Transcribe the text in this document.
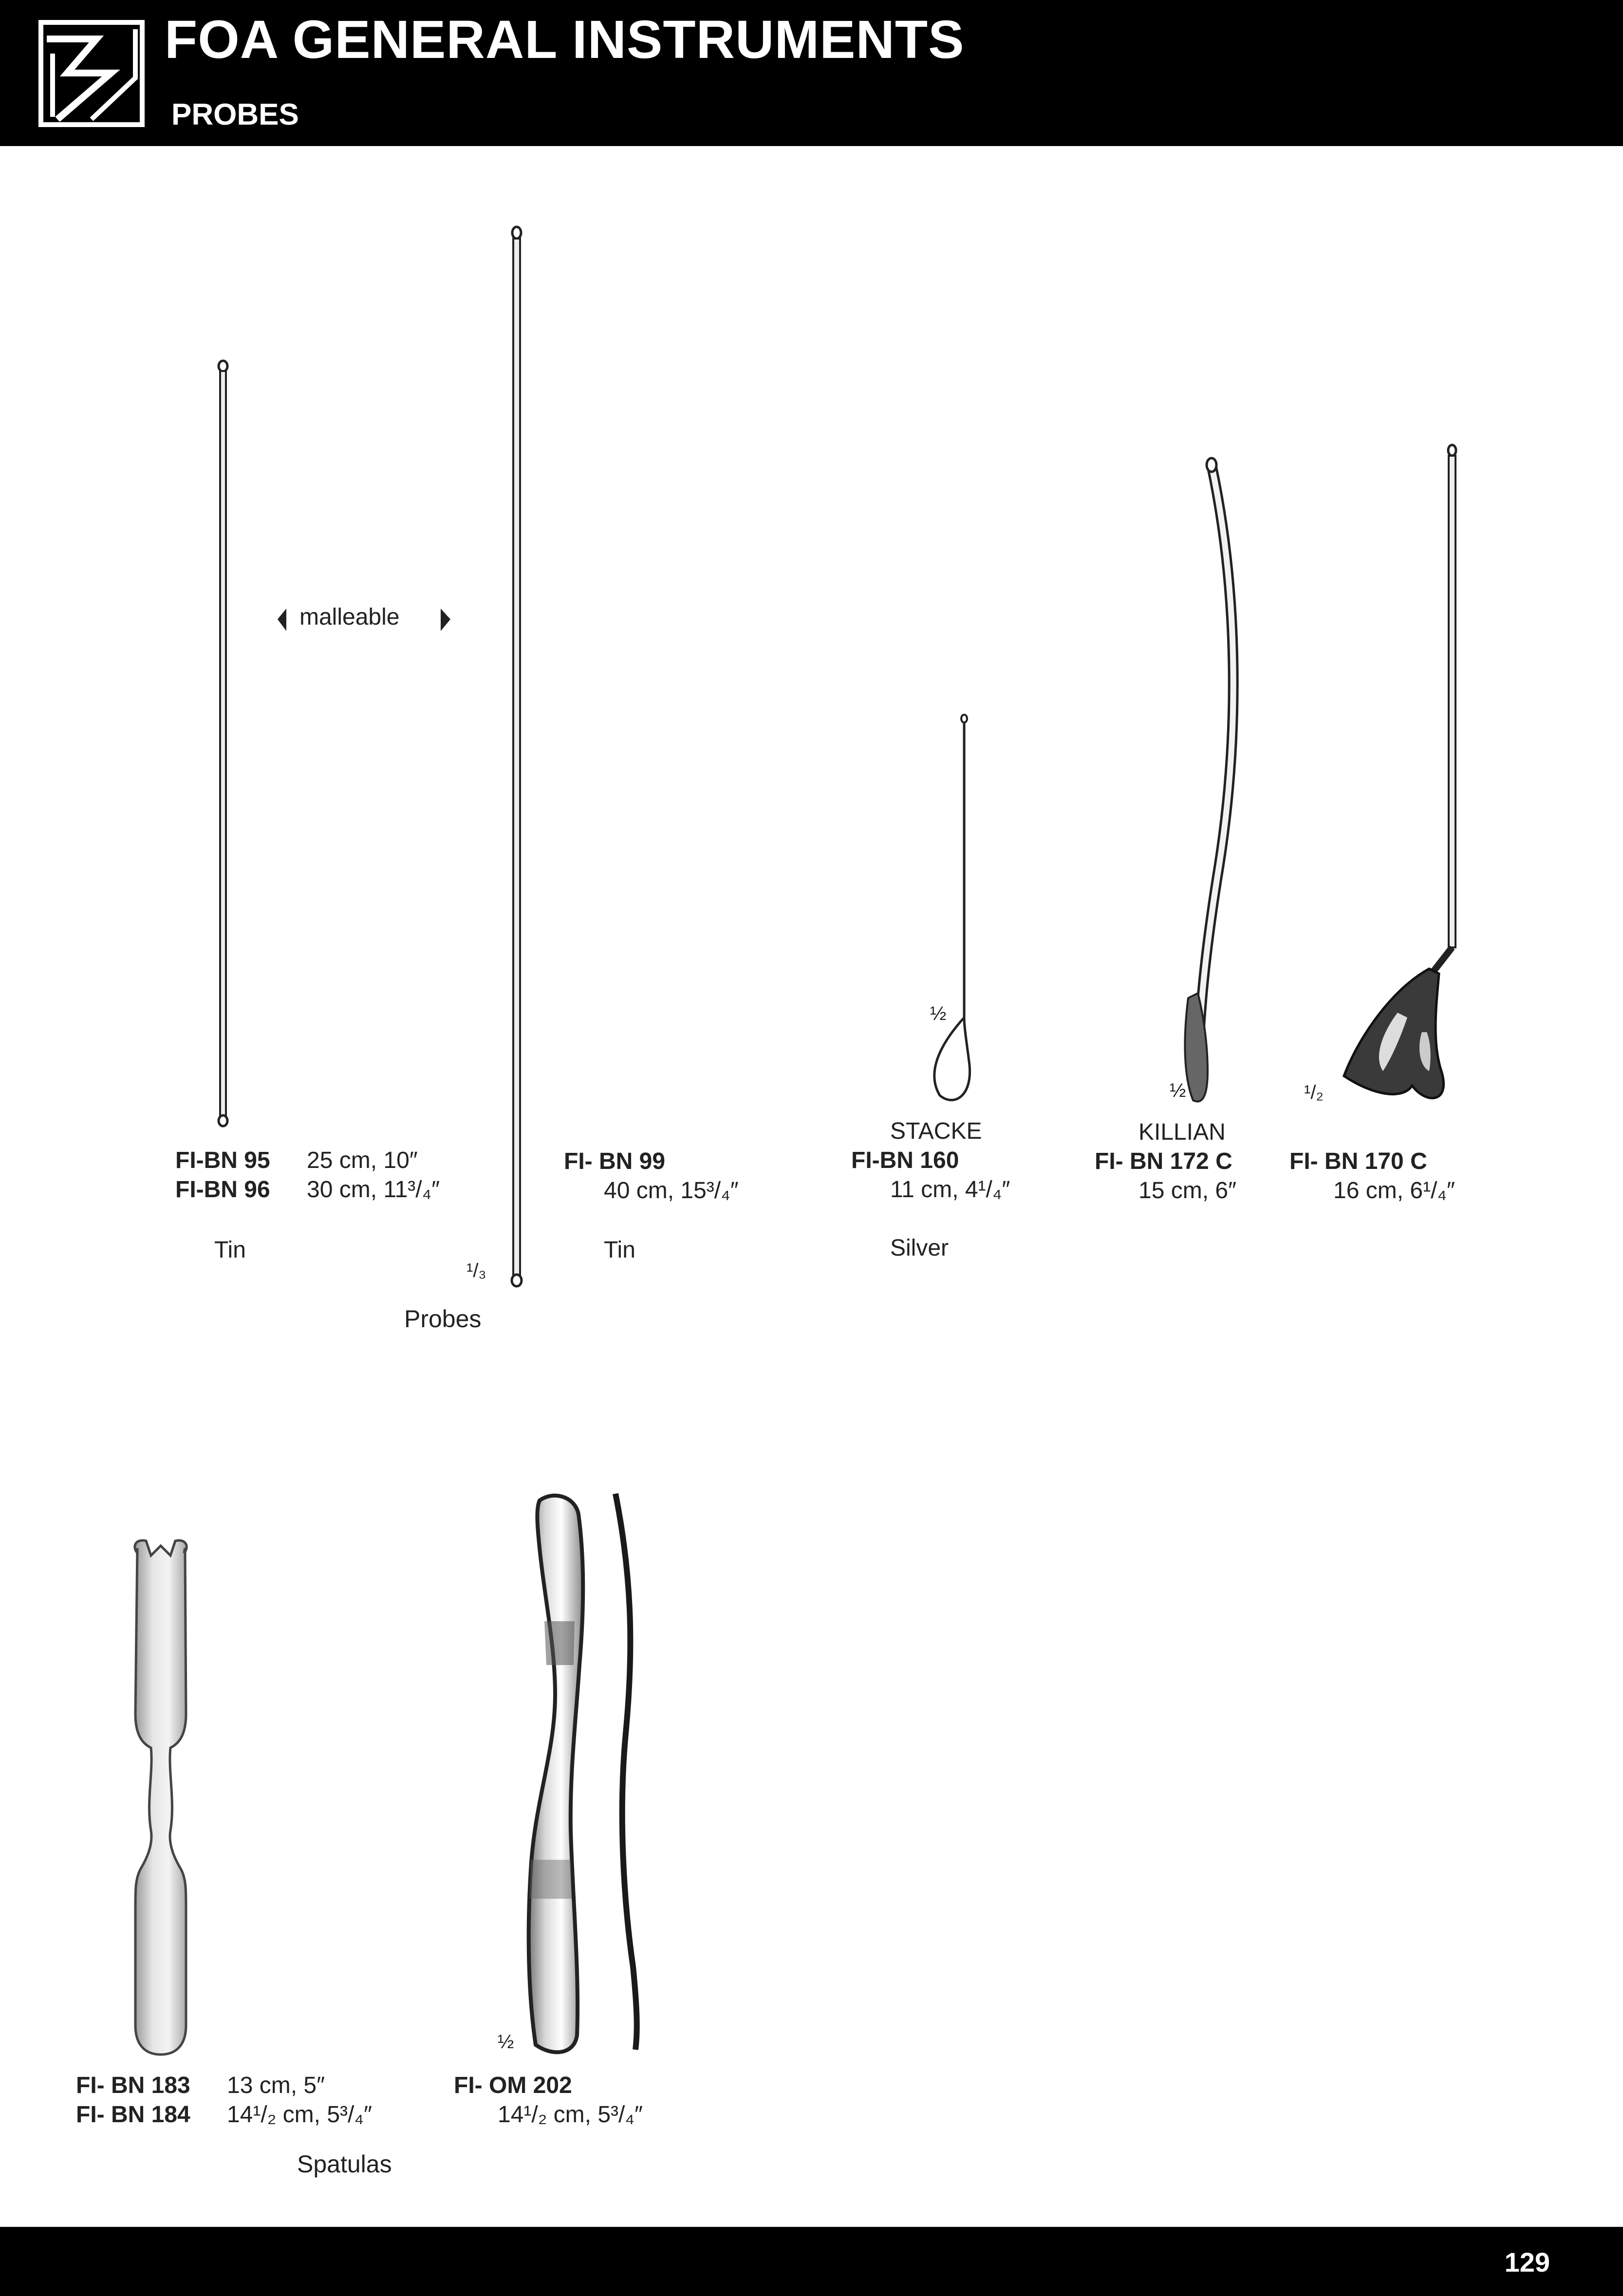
FOA GENERAL INSTRUMENTS
PROBES
malleable
FI-BN 95 25 cm, 10″
FI-BN 96 30 cm, 11³/₄″
Tin
¹/₃
Probes
FI- BN 99
40 cm, 15³/₄″
Tin
½
STACKE
FI-BN 160
11 cm, 4¹/₄″
Silver
½
KILLIAN
FI- BN 172 C
15 cm, 6″
¹/₂
FI- BN 170 C
16 cm, 6¹/₄″
½
FI- BN 183 13 cm, 5″
FI- BN 184 14¹/₂ cm, 5³/₄″
FI- OM 202
14¹/₂ cm, 5³/₄″
Spatulas
129
